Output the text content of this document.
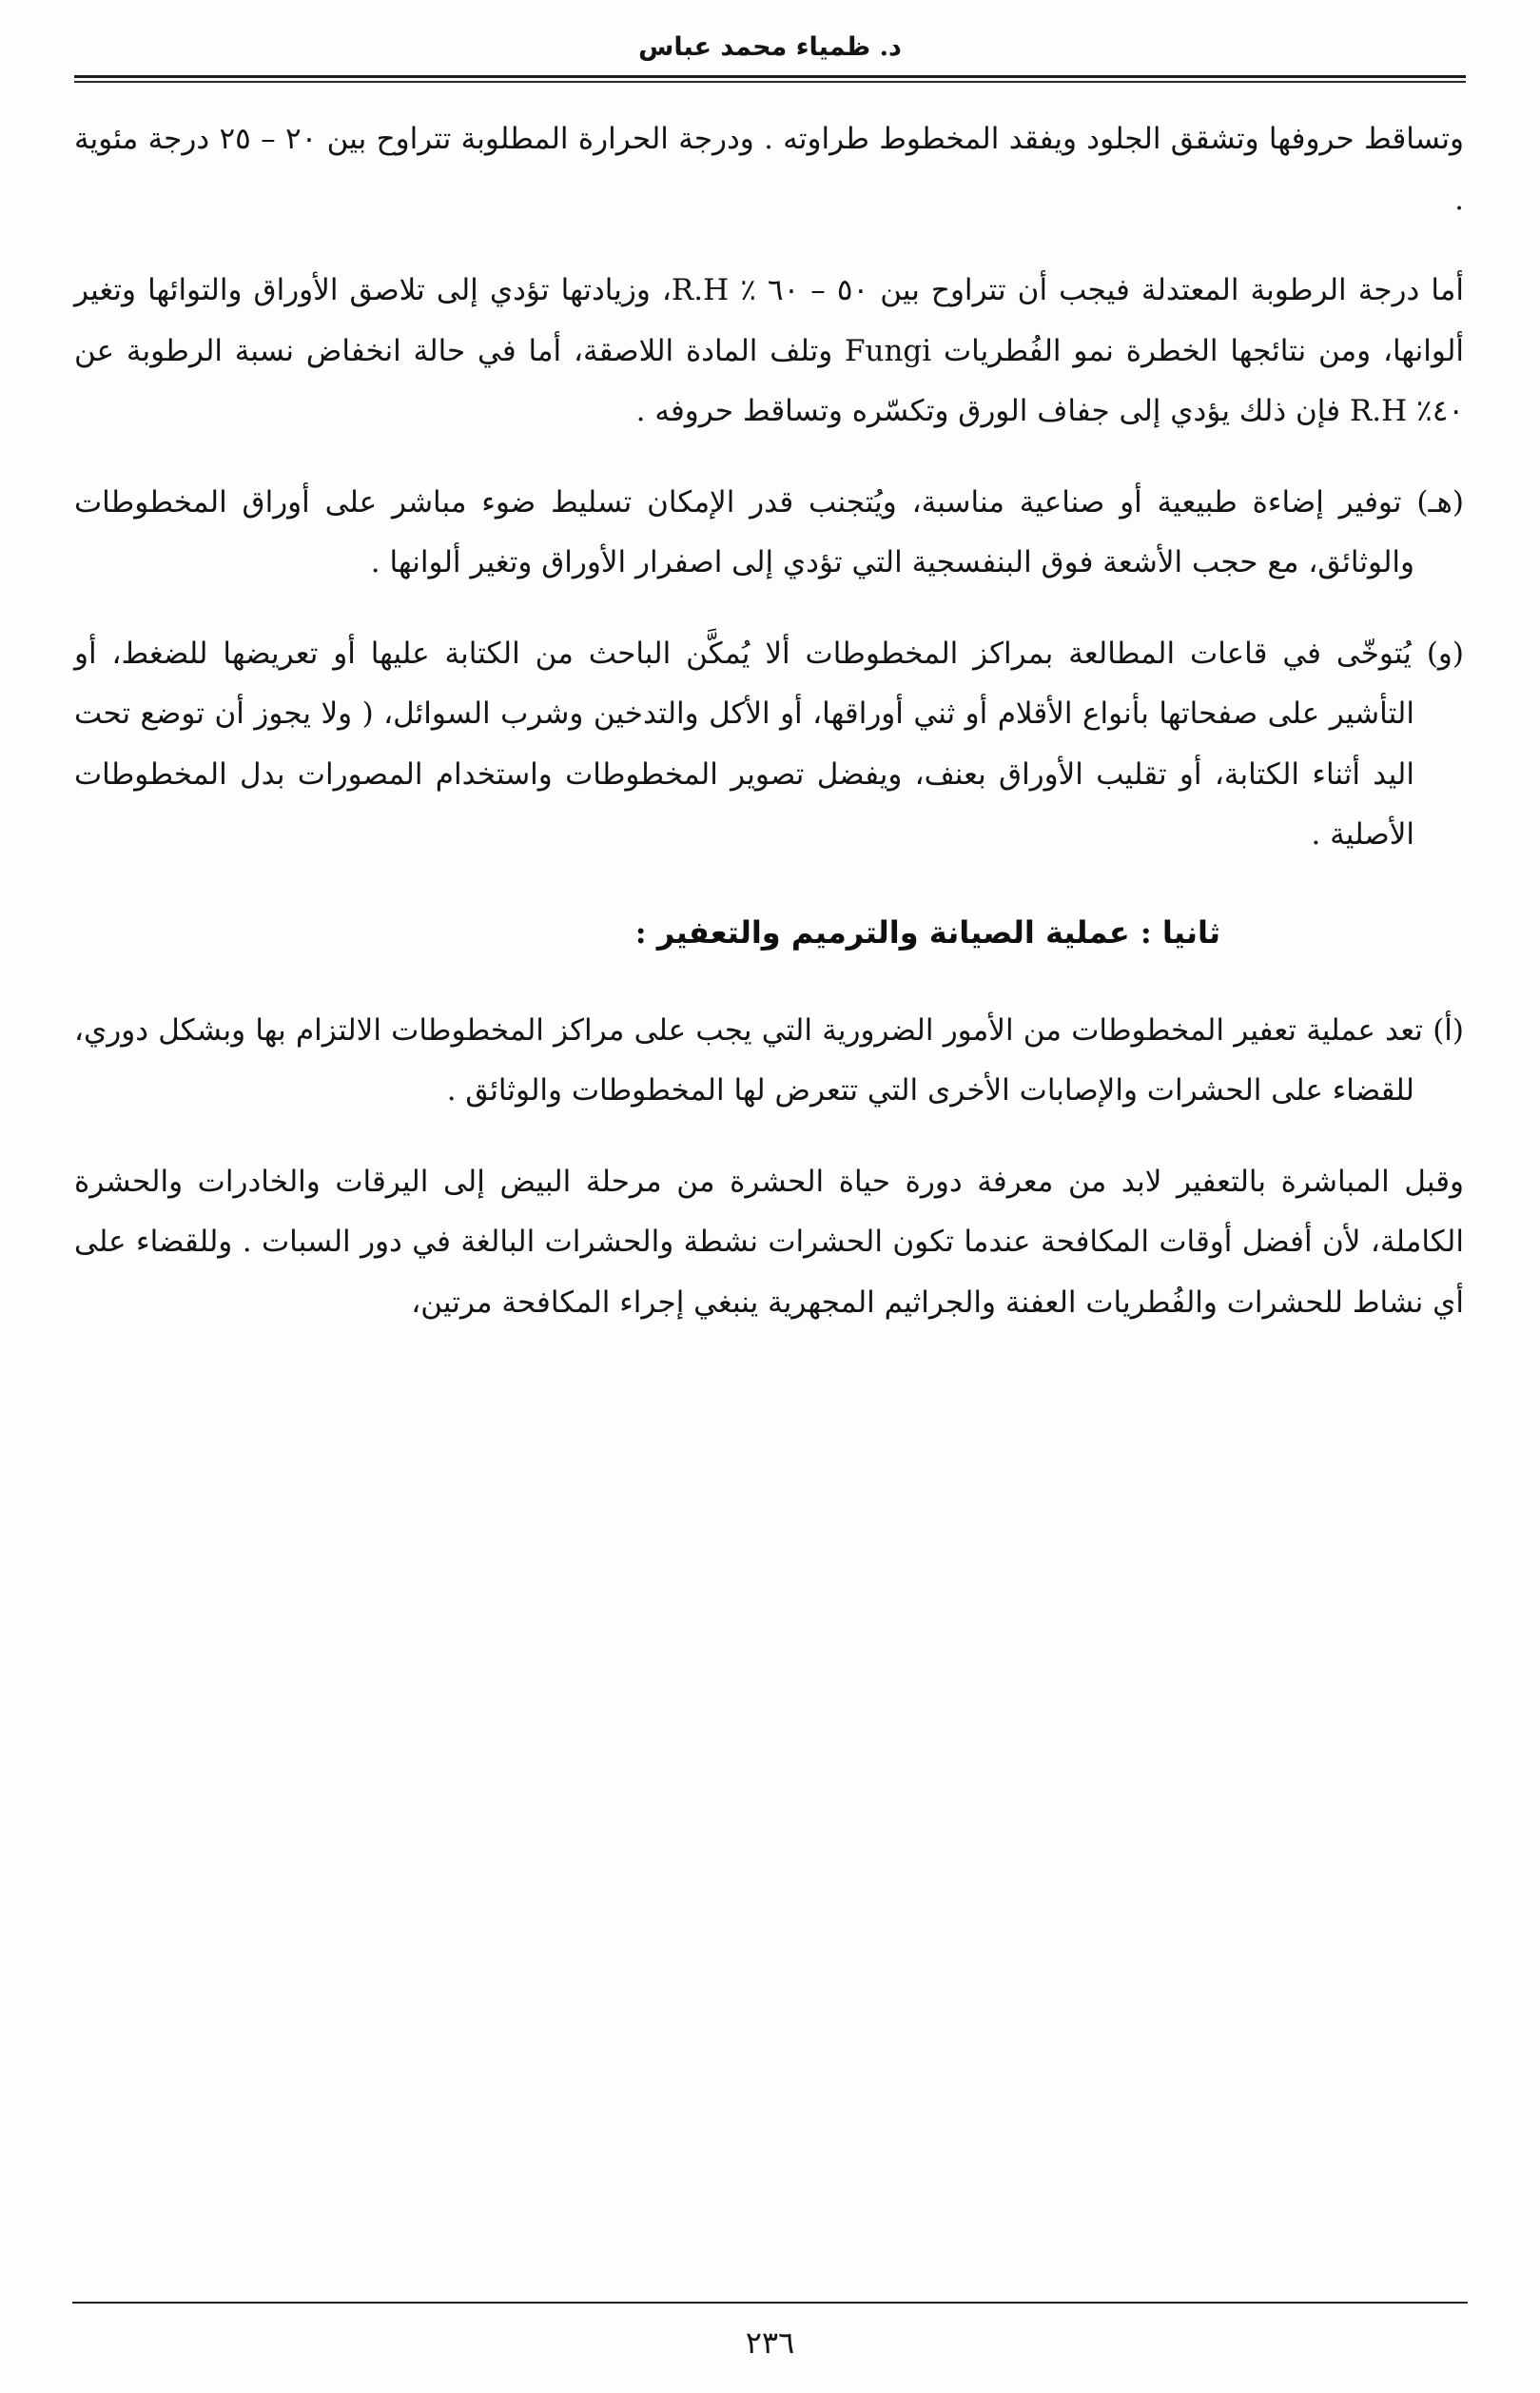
د. ظمياء محمد عباس

وتساقط حروفها وتشقق الجلود ويفقد المخطوط طراوته . ودرجة الحرارة المطلوبة تتراوح بين ٢٠ – ٢٥ درجة مئوية .

أما درجة الرطوبة المعتدلة فيجب أن تتراوح بين ٥٠ – ٦٠ ٪ R.H، وزيادتها تؤدي إلى تلاصق الأوراق والتوائها وتغير ألوانها، ومن نتائجها الخطرة نمو الفُطريات Fungi وتلف المادة اللاصقة، أما في حالة انخفاض نسبة الرطوبة عن ٤٠٪ R.H فإن ذلك يؤدي إلى جفاف الورق وتكسّره وتساقط حروفه .

(هـ) توفير إضاءة طبيعية أو صناعية مناسبة، ويُتجنب قدر الإمكان تسليط ضوء مباشر على أوراق المخطوطات والوثائق، مع حجب الأشعة فوق البنفسجية التي تؤدي إلى اصفرار الأوراق وتغير ألوانها .

(و) يُتوخّى في قاعات المطالعة بمراكز المخطوطات ألا يُمكَّن الباحث من الكتابة عليها أو تعريضها للضغط، أو التأشير على صفحاتها بأنواع الأقلام أو ثني أوراقها، أو الأكل والتدخين وشرب السوائل، ( ولا يجوز أن توضع تحت اليد أثناء الكتابة، أو تقليب الأوراق بعنف، ويفضل تصوير المخطوطات واستخدام المصورات بدل المخطوطات الأصلية .

ثانيا : عملية الصيانة والترميم والتعفير :

(أ) تعد عملية تعفير المخطوطات من الأمور الضرورية التي يجب على مراكز المخطوطات الالتزام بها وبشكل دوري، للقضاء على الحشرات والإصابات الأخرى التي تتعرض لها المخطوطات والوثائق .

وقبل المباشرة بالتعفير لابد من معرفة دورة حياة الحشرة من مرحلة البيض إلى اليرقات والخادرات والحشرة الكاملة، لأن أفضل أوقات المكافحة عندما تكون الحشرات نشطة والحشرات البالغة في دور السبات . وللقضاء على أي نشاط للحشرات والفُطريات العفنة والجراثيم المجهرية ينبغي إجراء المكافحة مرتين،

٢٣٦
